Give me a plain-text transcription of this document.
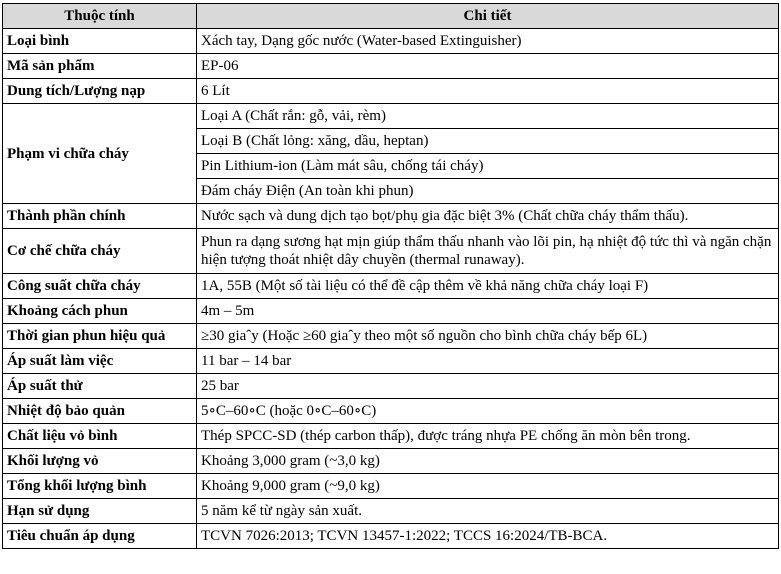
Thuộc tính	Chi tiết
Loại bình	Xách tay, Dạng gốc nước (Water-based Extinguisher)
Mã sản phẩm	EP-06
Dung tích/Lượng nạp	6 Lít
Phạm vi chữa cháy	Loại A (Chất rắn: gỗ, vải, rèm)
	Loại B (Chất lỏng: xăng, dầu, heptan)
	Pin Lithium-ion (Làm mát sâu, chống tái cháy)
	Đám cháy Điện (An toàn khi phun)
Thành phần chính	Nước sạch và dung dịch tạo bọt/phụ gia đặc biệt 3% (Chất chữa cháy thẩm thấu).
Cơ chế chữa cháy	Phun ra dạng sương hạt mịn giúp thẩm thấu nhanh vào lõi pin, hạ nhiệt độ tức thì và ngăn chặn hiện tượng thoát nhiệt dây chuyền (thermal runaway).
Công suất chữa cháy	1A, 55B (Một số tài liệu có thể đề cập thêm về khả năng chữa cháy loại F)
Khoảng cách phun	4m – 5m
Thời gian phun hiệu quả	≥30 giaˆy (Hoặc ≥60 giaˆy theo một số nguồn cho bình chữa cháy bếp 6L)
Áp suất làm việc	11 bar – 14 bar
Áp suất thử	25 bar
Nhiệt độ bảo quản	5∘C–60∘C (hoặc 0∘C–60∘C)
Chất liệu vỏ bình	Thép SPCC-SD (thép carbon thấp), được tráng nhựa PE chống ăn mòn bên trong.
Khối lượng vỏ	Khoảng 3,000 gram (~3,0 kg)
Tổng khối lượng bình	Khoảng 9,000 gram (~9,0 kg)
Hạn sử dụng	5 năm kể từ ngày sản xuất.
Tiêu chuẩn áp dụng	TCVN 7026:2013; TCVN 13457-1:2022; TCCS 16:2024/TB-BCA.
